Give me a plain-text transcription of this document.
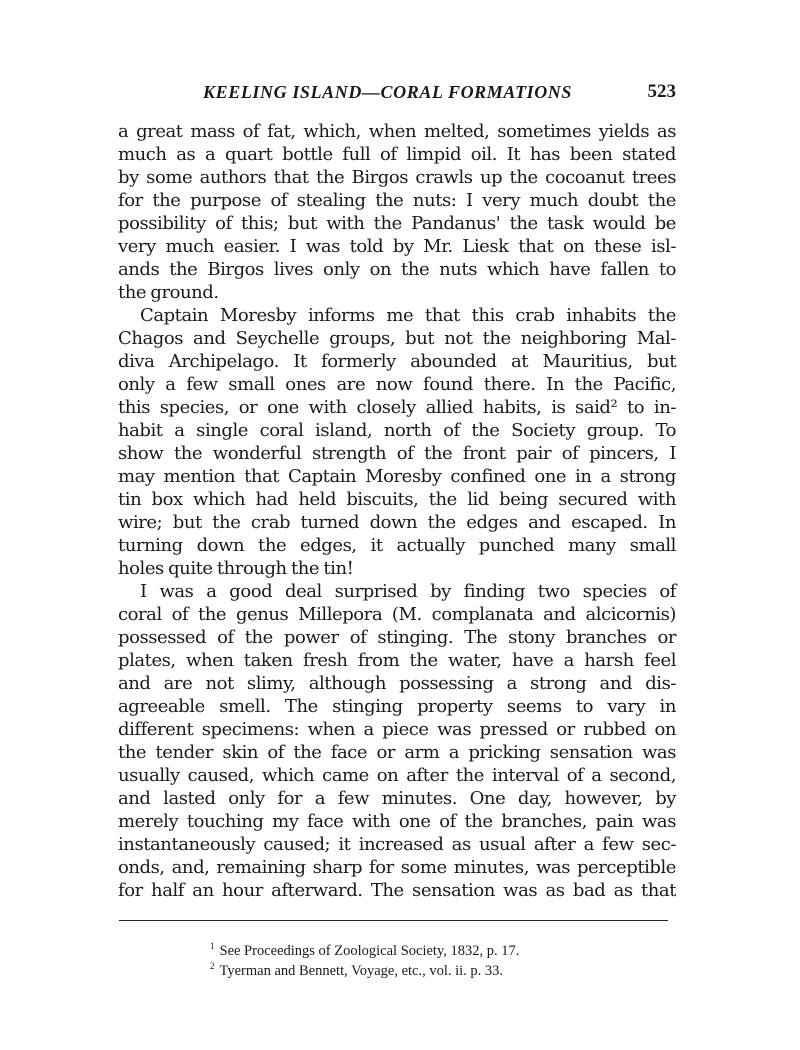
KEELING ISLAND—CORAL FORMATIONS	523
a great mass of fat, which, when melted, sometimes yields as
much as a quart bottle full of limpid oil. It has been stated
by some authors that the Birgos crawls up the cocoanut trees
for the purpose of stealing the nuts: I very much doubt the
possibility of this; but with the Pandanus' the task would be
very much easier. I was told by Mr. Liesk that on these isl-
ands the Birgos lives only on the nuts which have fallen to
the ground.
Captain Moresby informs me that this crab inhabits the
Chagos and Seychelle groups, but not the neighboring Mal-
diva Archipelago. It formerly abounded at Mauritius, but
only a few small ones are now found there. In the Pacific,
this species, or one with closely allied habits, is said² to in-
habit a single coral island, north of the Society group. To
show the wonderful strength of the front pair of pincers, I
may mention that Captain Moresby confined one in a strong
tin box which had held biscuits, the lid being secured with
wire; but the crab turned down the edges and escaped. In
turning down the edges, it actually punched many small
holes quite through the tin!
I was a good deal surprised by finding two species of
coral of the genus Millepora (M. complanata and alcicornis)
possessed of the power of stinging. The stony branches or
plates, when taken fresh from the water, have a harsh feel
and are not slimy, although possessing a strong and dis-
agreeable smell. The stinging property seems to vary in
different specimens: when a piece was pressed or rubbed on
the tender skin of the face or arm a pricking sensation was
usually caused, which came on after the interval of a second,
and lasted only for a few minutes. One day, however, by
merely touching my face with one of the branches, pain was
instantaneously caused; it increased as usual after a few sec-
onds, and, remaining sharp for some minutes, was perceptible
for half an hour afterward. The sensation was as bad as that
$^1$ See Proceedings of Zoological Society, 1832, p. 17.
$^2$ Tyerman and Bennett, Voyage, etc., vol. ii. p. 33.
